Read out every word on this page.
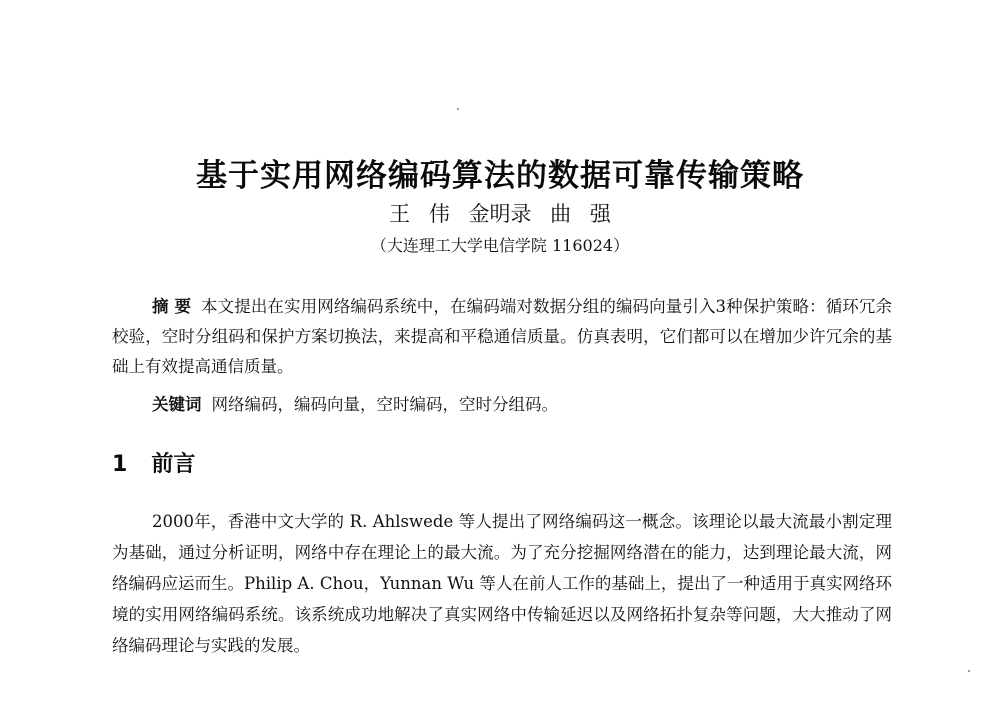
基于实用网络编码算法的数据可靠传输策略
王 伟 金明录 曲 强
（大连理工大学电信学院 116024）
摘 要 本文提出在实用网络编码系统中，在编码端对数据分组的编码向量引入3种保护策略：循环冗余校验，空时分组码和保护方案切换法，来提高和平稳通信质量。仿真表明，它们都可以在增加少许冗余的基础上有效提高通信质量。
关键词 网络编码，编码向量，空时编码，空时分组码。
1 前言
2000年，香港中文大学的 R. Ahlswede 等人提出了网络编码这一概念。该理论以最大流最小割定理为基础，通过分析证明，网络中存在理论上的最大流。为了充分挖掘网络潜在的能力，达到理论最大流，网络编码应运而生。Philip A. Chou，Yunnan Wu 等人在前人工作的基础上，提出了一种适用于真实网络环境的实用网络编码系统。该系统成功地解决了真实网络中传输延迟以及网络拓扑复杂等问题，大大推动了网络编码理论与实践的发展。
